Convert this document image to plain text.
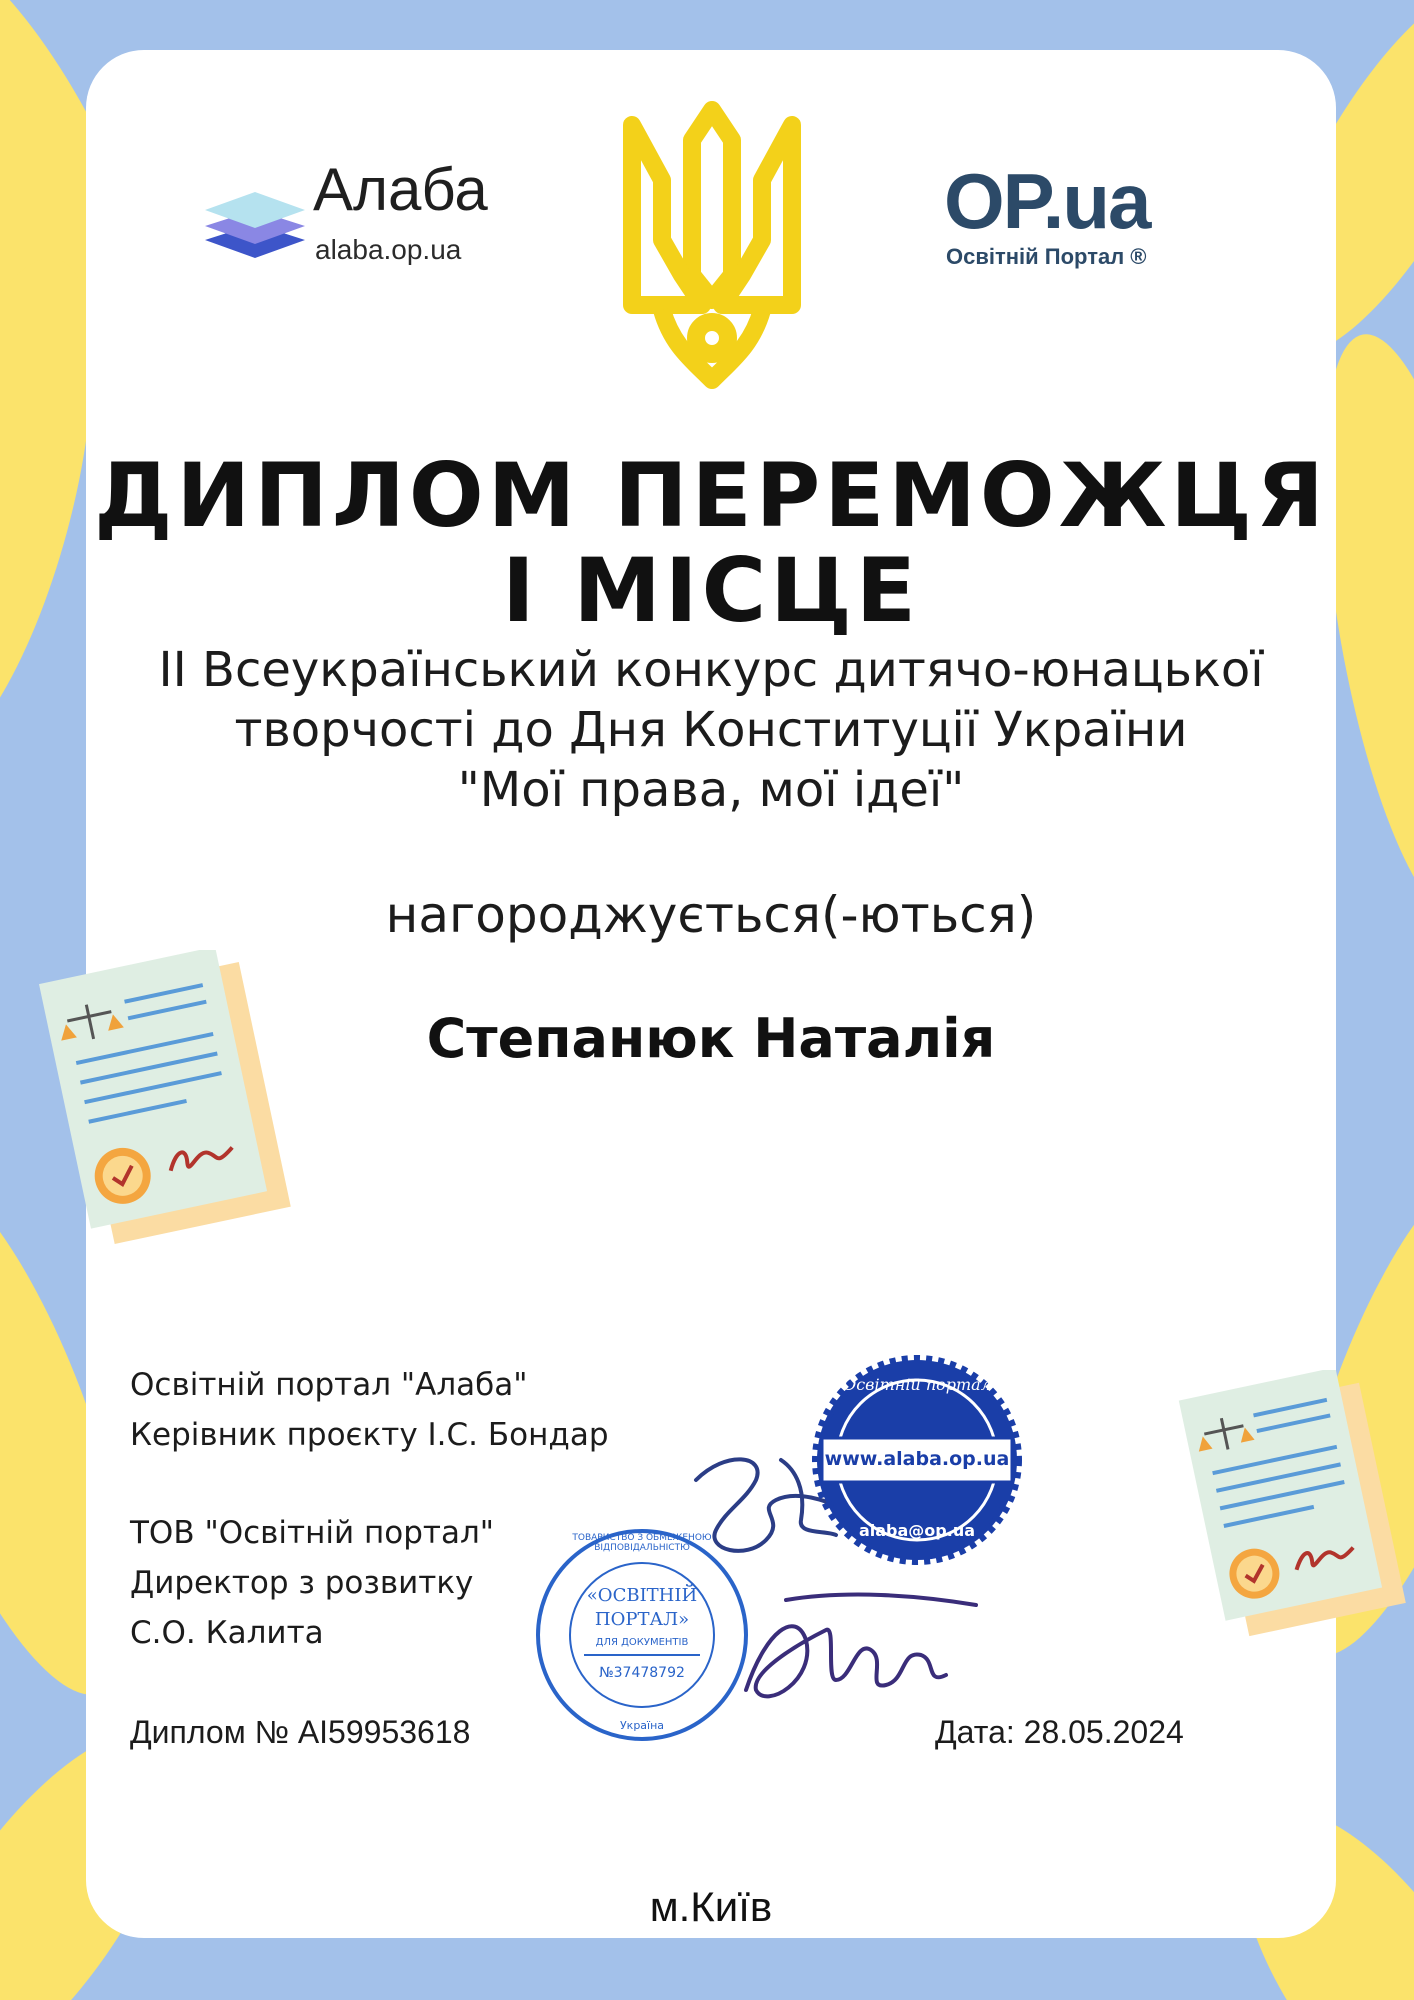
Алаба
alaba.op.ua
OP.ua
Освітній Портал ®
ДИПЛОМ ПЕРЕМОЖЦЯ
І МІСЦЕ
ІІ Всеукраїнський конкурс дитячо-юнацької
творчості до Дня Конституції України
"Мої права, мої ідеї"
нагороджується(-ються)
Степанюк Наталія
Освітній портал "Алаба"
Керівник проєкту І.С. Бондар
ТОВ "Освітній портал"
Директор з розвитку
С.О. Калита
Освітній портал
www.alaba.op.ua
alaba@op.ua
«ОСВІТНІЙ
ПОРТАЛ»
ДЛЯ ДОКУМЕНТІВ
ТОВАРИСТВО З ОБМЕЖЕНОЮ ВІДПОВІДАЛЬНІСТЮ
№37478792
Україна
Диплом № AI59953618	Дата: 28.05.2024
м.Київ
